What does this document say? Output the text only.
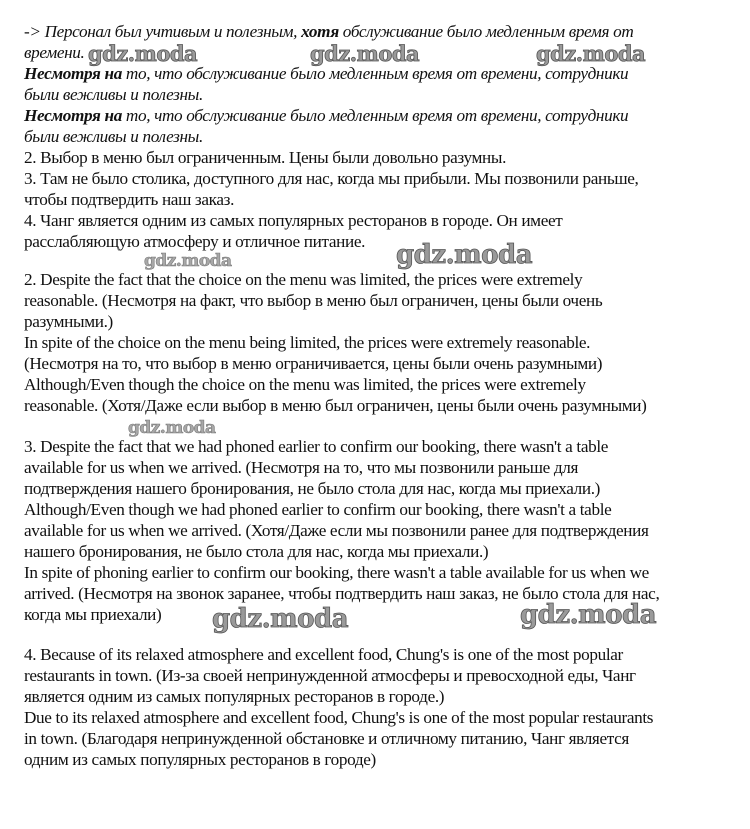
-> Персонал был учтивым и полезным, хотя обслуживание было медленным время от
времени.
Несмотря на то, что обслуживание было медленным время от времени, сотрудники
были вежливы и полезны.
Несмотря на то, что обслуживание было медленным время от времени, сотрудники
были вежливы и полезны.
2. Выбор в меню был ограниченным. Цены были довольно разумны.
3. Там не было столика, доступного для нас, когда мы прибыли. Мы позвонили раньше,
чтобы подтвердить наш заказ.
4. Чанг является одним из самых популярных ресторанов в городе. Он имеет
расслабляющую атмосферу и отличное питание.
2. Despite the fact that the choice on the menu was limited, the prices were extremely
reasonable. (Несмотря на факт, что выбор в меню был ограничен, цены были очень
разумными.)
In spite of the choice on the menu being limited, the prices were extremely reasonable.
(Несмотря на то, что выбор в меню ограничивается, цены были очень разумными)
Although/Even though the choice on the menu was limited, the prices were extremely
reasonable. (Хотя/Даже если выбор в меню был ограничен, цены были очень разумными)
3. Despite the fact that we had phoned earlier to confirm our booking, there wasn't a table
available for us when we arrived. (Несмотря на то, что мы позвонили раньше для
подтверждения нашего бронирования, не было стола для нас, когда мы приехали.)
Although/Even though we had phoned earlier to confirm our booking, there wasn't a table
available for us when we arrived. (Хотя/Даже если мы позвонили ранее для подтверждения
нашего бронирования, не было стола для нас, когда мы приехали.)
In spite of phoning earlier to confirm our booking, there wasn't a table available for us when we
arrived. (Несмотря на звонок заранее, чтобы подтвердить наш заказ, не было стола для нас,
когда мы приехали)
4. Because of its relaxed atmosphere and excellent food, Chung's is one of the most popular
restaurants in town. (Из-за своей непринужденной атмосферы и превосходной еды, Чанг
является одним из самых популярных ресторанов в городе.)
Due to its relaxed atmosphere and excellent food, Chung's is one of the most popular restaurants
in town. (Благодаря непринужденной обстановке и отличному питанию, Чанг является
одним из самых популярных ресторанов в городе)
gdz.moda	gdz.moda	gdz.moda
gdz.moda	gdz.moda
gdz.moda
gdz.moda	gdz.moda
